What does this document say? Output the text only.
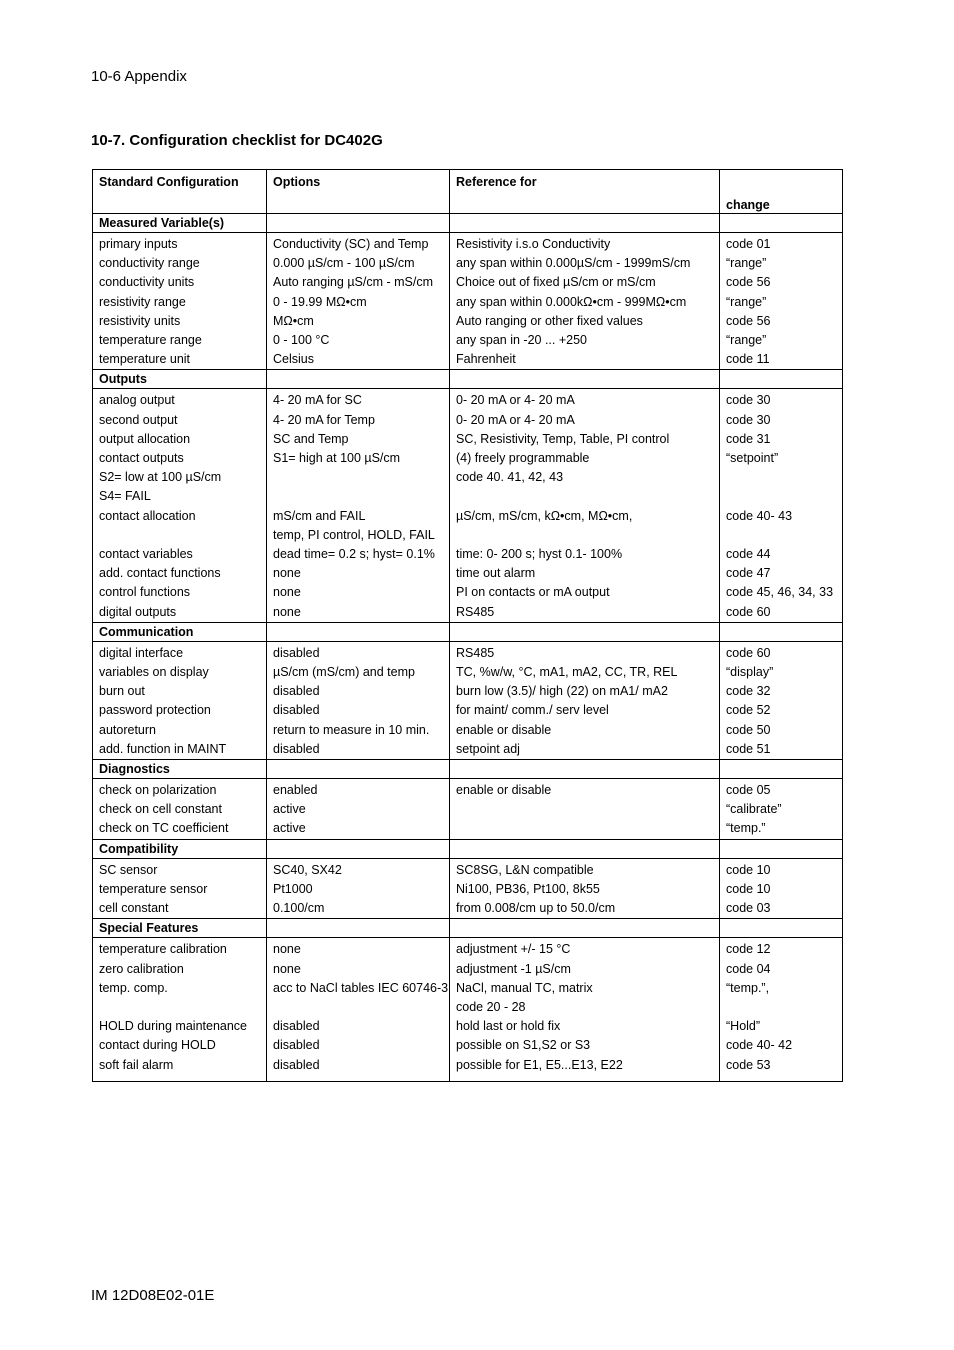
10-6 Appendix
10-7. Configuration checklist for DC402G
Standard Configuration	Options	Reference for	change
Measured Variable(s)			
primary inputs	Conductivity (SC) and Temp	Resistivity i.s.o Conductivity	code 01
conductivity range	0.000 µS/cm - 100 µS/cm	any span within 0.000µS/cm - 1999mS/cm	“range”
conductivity units	Auto ranging µS/cm - mS/cm	Choice out of fixed µS/cm or mS/cm	code 56
resistivity range	0 - 19.99 MΩ•cm	any span within 0.000kΩ•cm - 999MΩ•cm	“range”
resistivity units	MΩ•cm	Auto ranging or other fixed values	code 56
temperature range	0 - 100 °C	any span in -20 ... +250	“range”
temperature unit	Celsius	Fahrenheit	code 11
Outputs			
analog output	4- 20 mA for SC	0- 20 mA or 4- 20 mA	code 30
second output	4- 20 mA for Temp	0- 20 mA or 4- 20 mA	code 30
output allocation	SC and Temp	SC, Resistivity, Temp, Table, PI control	code 31
contact outputs	S1= high at 100 µS/cm	(4) freely programmable	“setpoint”
S2= low at 100 µS/cm		code 40. 41, 42, 43	
S4= FAIL			
contact allocation	mS/cm and FAIL	µS/cm, mS/cm, kΩ•cm, MΩ•cm,	code 40- 43
	temp, PI control, HOLD, FAIL		
contact variables	dead time= 0.2 s; hyst= 0.1%	time: 0- 200 s; hyst 0.1- 100%	code 44
add. contact functions	none	time out alarm	code 47
control functions	none	PI on contacts or mA output	code 45, 46, 34, 33
digital outputs	none	RS485	code 60
Communication			
digital interface	disabled	RS485	code 60
variables on display	µS/cm (mS/cm) and temp	TC, %w/w, °C, mA1, mA2, CC, TR, REL	“display”
burn out	disabled	burn low (3.5)/ high (22) on mA1/ mA2	code 32
password protection	disabled	for maint/ comm./ serv level	code 52
autoreturn	return to measure in 10 min.	enable or disable	code 50
add. function in MAINT	disabled	setpoint adj	code 51
Diagnostics			
check on polarization	enabled	enable or disable	code 05
check on cell constant	active		“calibrate”
check on TC coefficient	active		“temp.”
Compatibility			
SC sensor	SC40, SX42	SC8SG, L&N compatible	code 10
temperature sensor	Pt1000	Ni100, PB36, Pt100, 8k55	code 10
cell constant	0.100/cm	from 0.008/cm up to 50.0/cm	code 03
Special Features			
temperature calibration	none	adjustment +/- 15 °C	code 12
zero calibration	none	adjustment -1 µS/cm	code 04
temp. comp.	acc to NaCl tables IEC 60746-3	NaCl, manual TC, matrix	“temp.”,
		code 20 - 28	
HOLD during maintenance	disabled	hold last or hold fix	“Hold”
contact during HOLD	disabled	possible on S1,S2 or S3	code 40- 42
soft fail alarm	disabled	possible for E1, E5...E13, E22	code 53
IM 12D08E02-01E
